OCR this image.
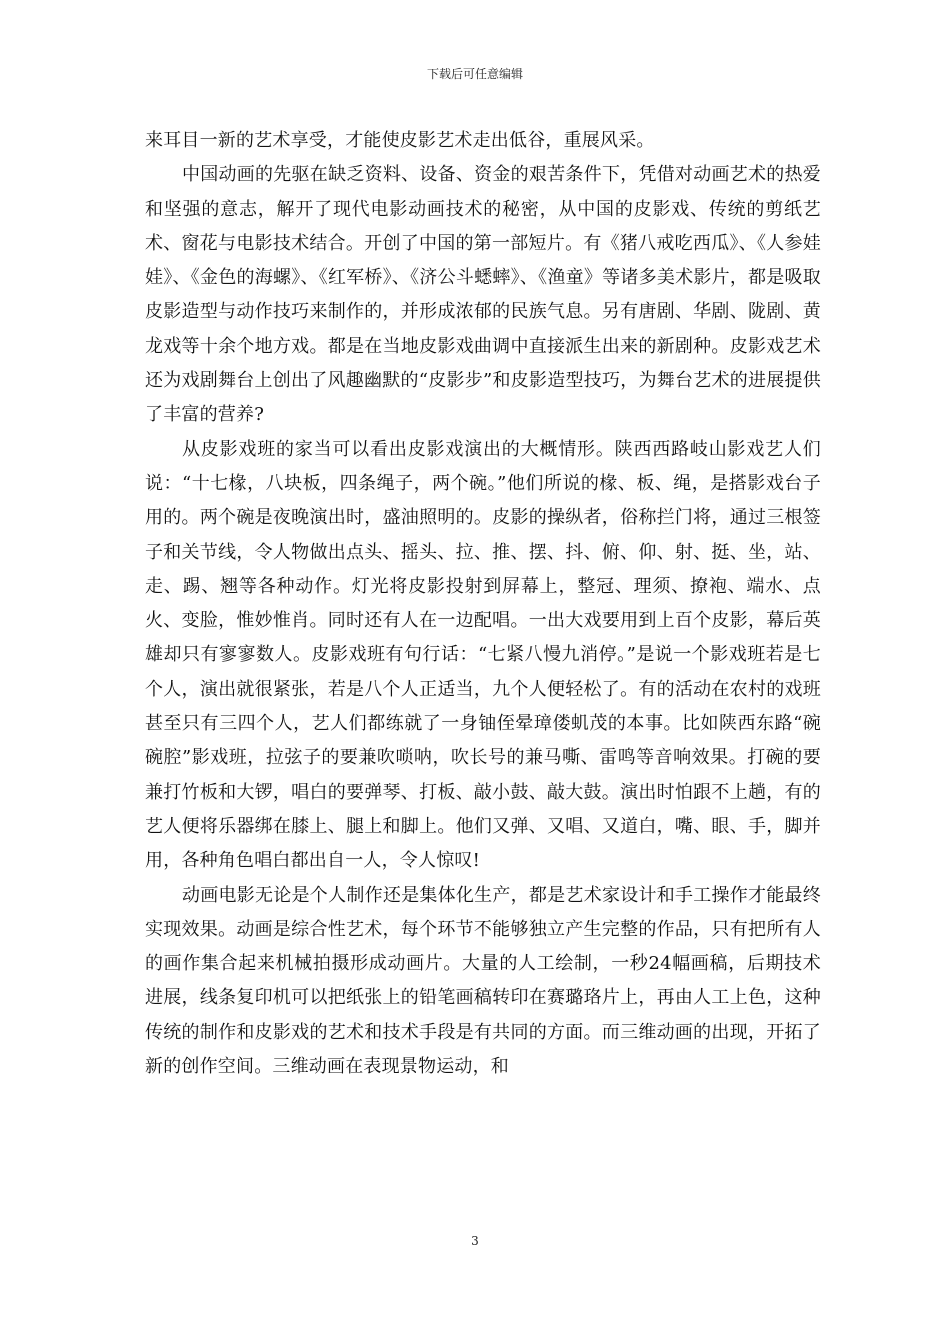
下载后可任意编辑

来耳目一新的艺术享受，才能使皮影艺术走出低谷，重展风采。

中国动画的先驱在缺乏资料、设备、资金的艰苦条件下，凭借对动画艺术的热爱和坚强的意志，解开了现代电影动画技术的秘密，从中国的皮影戏、传统的剪纸艺术、窗花与电影技术结合。开创了中国的第一部短片。有《猪八戒吃西瓜》、《人参娃娃》、《金色的海螺》、《红军桥》、《济公斗蟋蟀》、《渔童》等诸多美术影片，都是吸取皮影造型与动作技巧来制作的，并形成浓郁的民族气息。另有唐剧、华剧、陇剧、黄龙戏等十余个地方戏。都是在当地皮影戏曲调中直接派生出来的新剧种。皮影戏艺术还为戏剧舞台上创出了风趣幽默的“皮影步”和皮影造型技巧，为舞台艺术的进展提供了丰富的营养?

从皮影戏班的家当可以看出皮影戏演出的大概情形。陕西西路岐山影戏艺人们说：“十七椽，八块板，四条绳子，两个碗。”他们所说的椽、板、绳，是搭影戏台子用的。两个碗是夜晚演出时，盛油照明的。皮影的操纵者，俗称拦门将，通过三根签子和关节线，令人物做出点头、摇头、拉、推、摆、抖、俯、仰、射、挺、坐，站、走、踢、翘等各种动作。灯光将皮影投射到屏幕上，整冠、理须、撩袍、端水、点火、变脸，惟妙惟肖。同时还有人在一边配唱。一出大戏要用到上百个皮影，幕后英雄却只有寥寥数人。皮影戏班有句行话：“七紧八慢九消停。”是说一个影戏班若是七个人，演出就很紧张，若是八个人正适当，九个人便轻松了。有的活动在农村的戏班甚至只有三四个人，艺人们都练就了一身铀侄晕璋偻虮茂的本事。比如陕西东路“碗碗腔”影戏班，拉弦子的要兼吹唢呐，吹长号的兼马嘶、雷鸣等音响效果。打碗的要兼打竹板和大锣，唱白的要弹琴、打板、敲小鼓、敲大鼓。演出时怕跟不上趟，有的艺人便将乐器绑在膝上、腿上和脚上。他们又弹、又唱、又道白，嘴、眼、手，脚并用，各种角色唱白都出自一人，令人惊叹!

动画电影无论是个人制作还是集体化生产，都是艺术家设计和手工操作才能最终实现效果。动画是综合性艺术，每个环节不能够独立产生完整的作品，只有把所有人的画作集合起来机械拍摄形成动画片。大量的人工绘制，一秒24幅画稿，后期技术进展，线条复印机可以把纸张上的铅笔画稿转印在赛璐珞片上，再由人工上色，这种传统的制作和皮影戏的艺术和技术手段是有共同的方面。而三维动画的出现，开拓了新的创作空间。三维动画在表现景物运动，和

3
